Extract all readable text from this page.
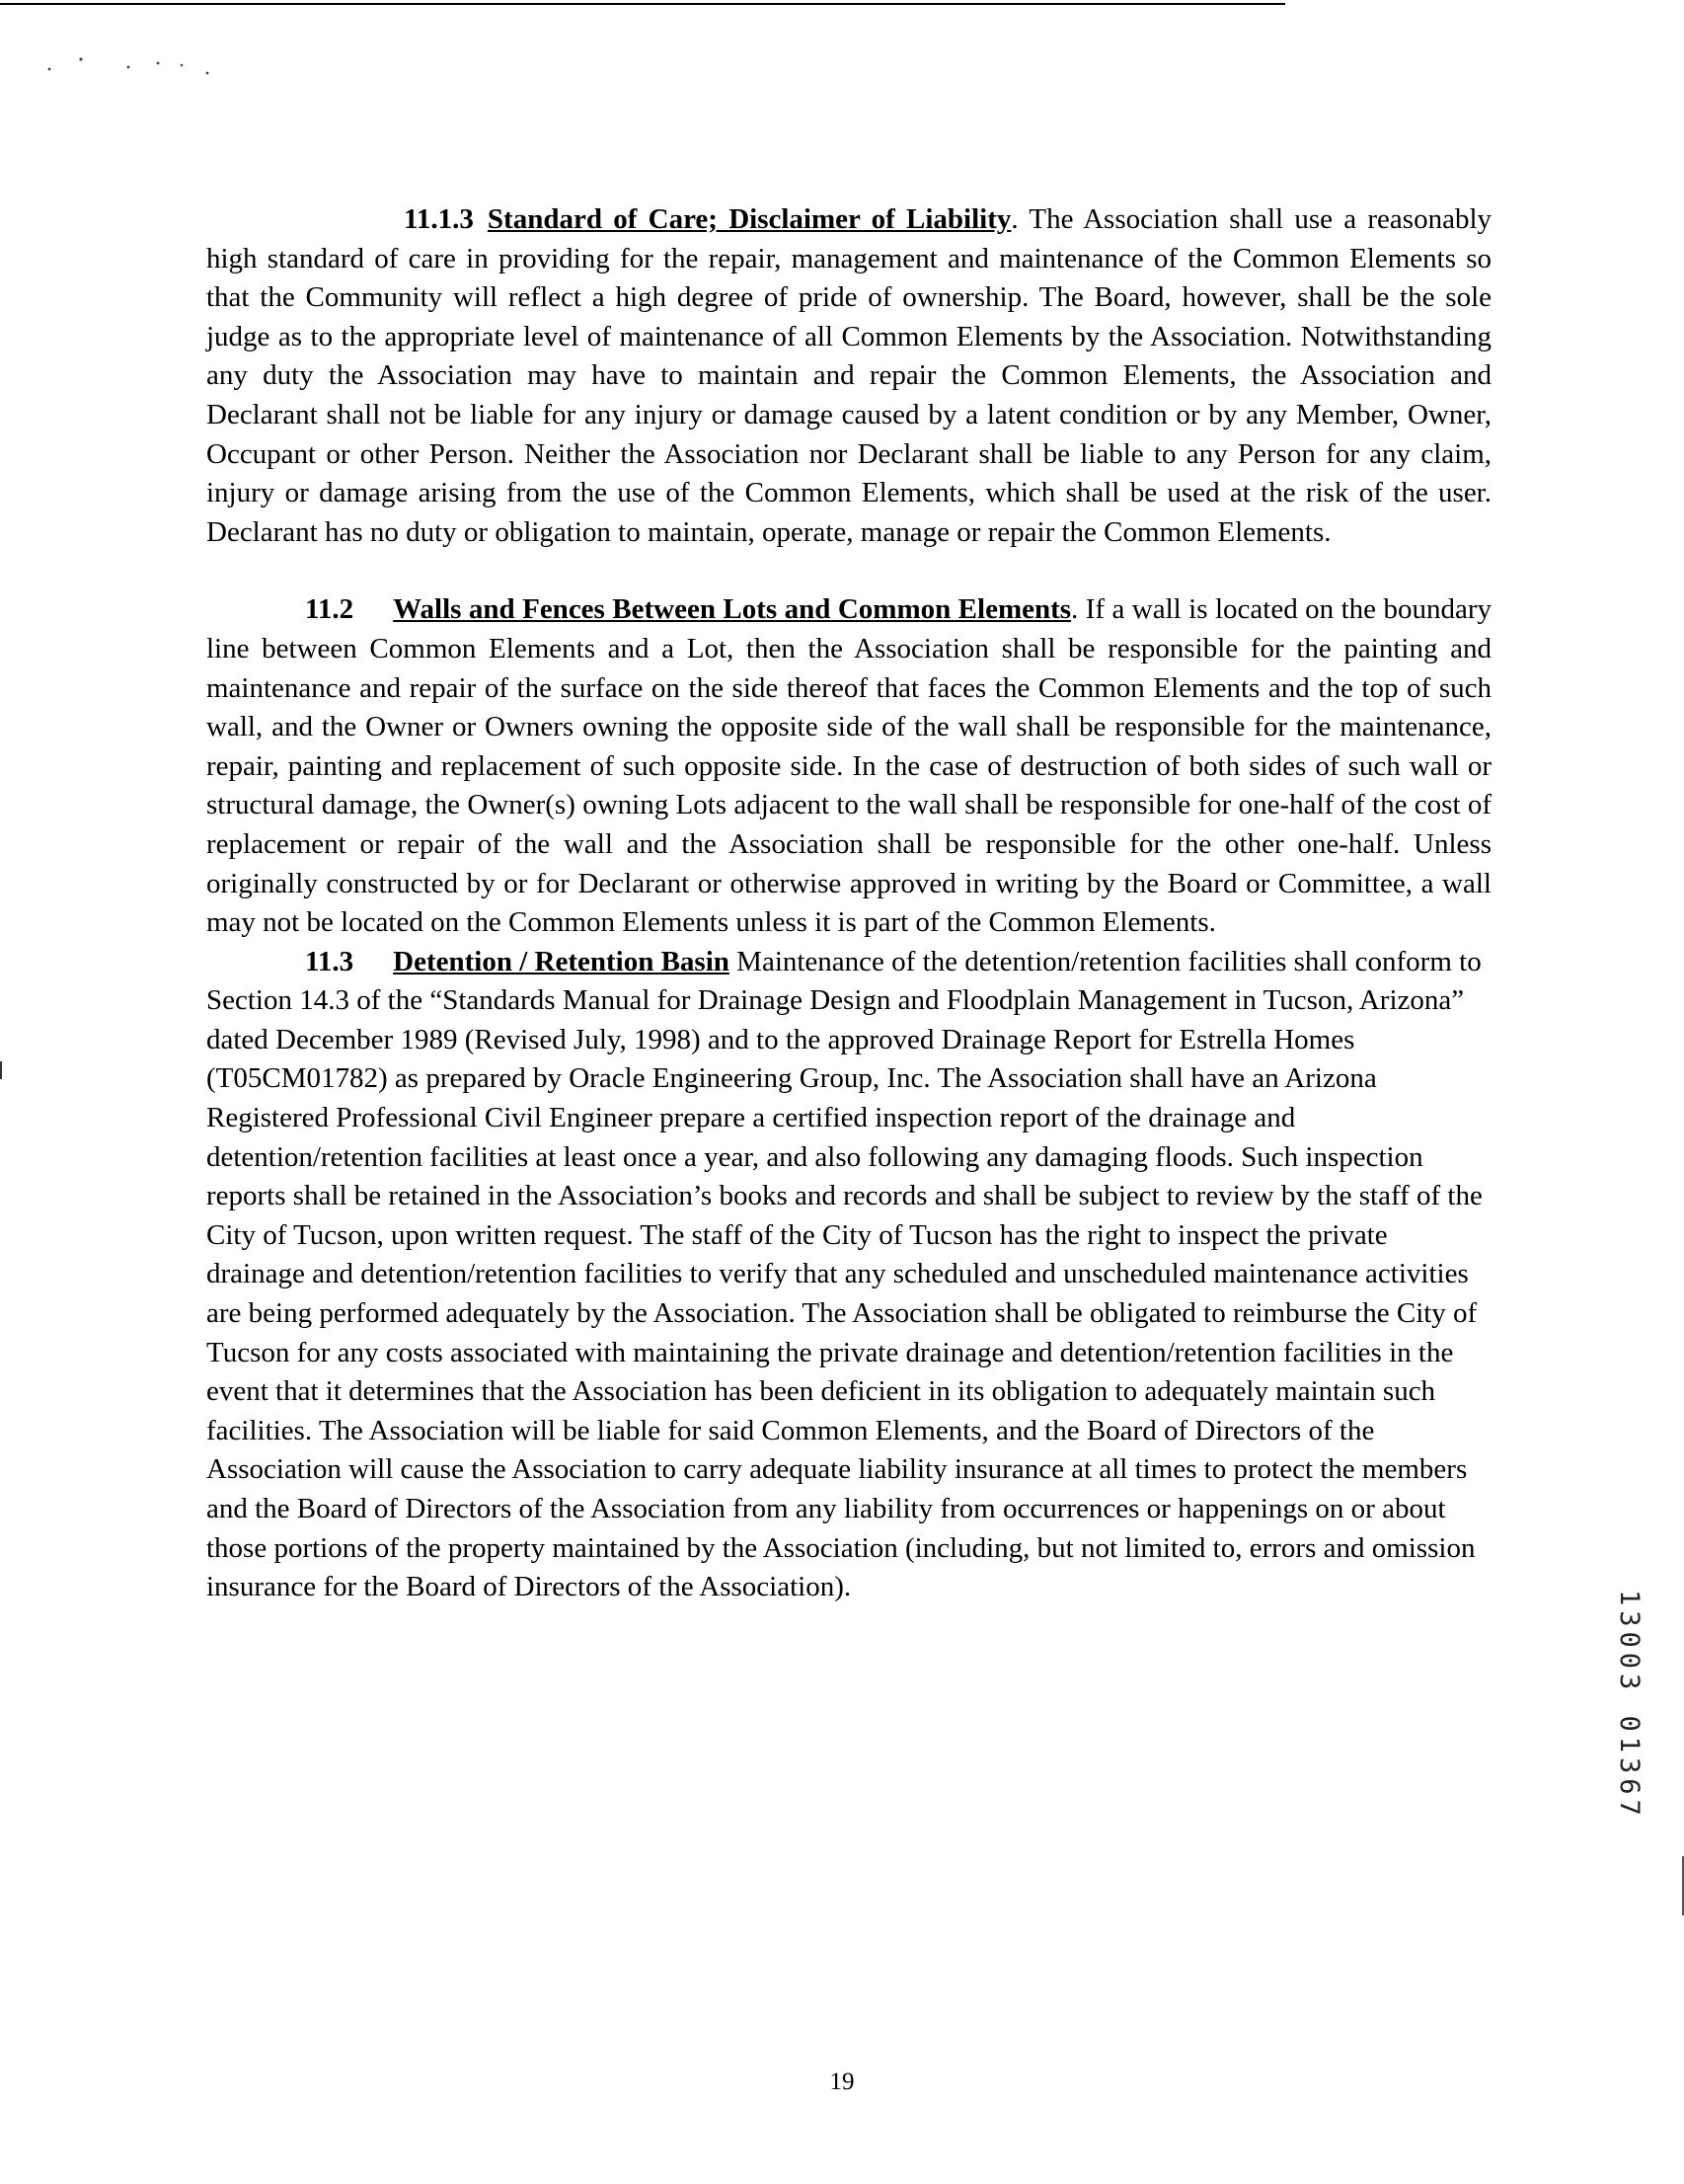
11.1.3 Standard of Care; Disclaimer of Liability. The Association shall use a reasonably high standard of care in providing for the repair, management and maintenance of the Common Elements so that the Community will reflect a high degree of pride of ownership. The Board, however, shall be the sole judge as to the appropriate level of maintenance of all Common Elements by the Association. Notwithstanding any duty the Association may have to maintain and repair the Common Elements, the Association and Declarant shall not be liable for any injury or damage caused by a latent condition or by any Member, Owner, Occupant or other Person. Neither the Association nor Declarant shall be liable to any Person for any claim, injury or damage arising from the use of the Common Elements, which shall be used at the risk of the user. Declarant has no duty or obligation to maintain, operate, manage or repair the Common Elements.

11.2 Walls and Fences Between Lots and Common Elements. If a wall is located on the boundary line between Common Elements and a Lot, then the Association shall be responsible for the painting and maintenance and repair of the surface on the side thereof that faces the Common Elements and the top of such wall, and the Owner or Owners owning the opposite side of the wall shall be responsible for the maintenance, repair, painting and replacement of such opposite side. In the case of destruction of both sides of such wall or structural damage, the Owner(s) owning Lots adjacent to the wall shall be responsible for one-half of the cost of replacement or repair of the wall and the Association shall be responsible for the other one-half. Unless originally constructed by or for Declarant or otherwise approved in writing by the Board or Committee, a wall may not be located on the Common Elements unless it is part of the Common Elements.

11.3 Detention / Retention Basin Maintenance of the detention/retention facilities shall conform to Section 14.3 of the “Standards Manual for Drainage Design and Floodplain Management in Tucson, Arizona” dated December 1989 (Revised July, 1998) and to the approved Drainage Report for Estrella Homes (T05CM01782) as prepared by Oracle Engineering Group, Inc. The Association shall have an Arizona Registered Professional Civil Engineer prepare a certified inspection report of the drainage and detention/retention facilities at least once a year, and also following any damaging floods. Such inspection reports shall be retained in the Association’s books and records and shall be subject to review by the staff of the City of Tucson, upon written request. The staff of the City of Tucson has the right to inspect the private drainage and detention/retention facilities to verify that any scheduled and unscheduled maintenance activities are being performed adequately by the Association. The Association shall be obligated to reimburse the City of Tucson for any costs associated with maintaining the private drainage and detention/retention facilities in the event that it determines that the Association has been deficient in its obligation to adequately maintain such facilities. The Association will be liable for said Common Elements, and the Board of Directors of the Association will cause the Association to carry adequate liability insurance at all times to protect the members and the Board of Directors of the Association from any liability from occurrences or happenings on or about those portions of the property maintained by the Association (including, but not limited to, errors and omission insurance for the Board of Directors of the Association).

19
13003 01367
